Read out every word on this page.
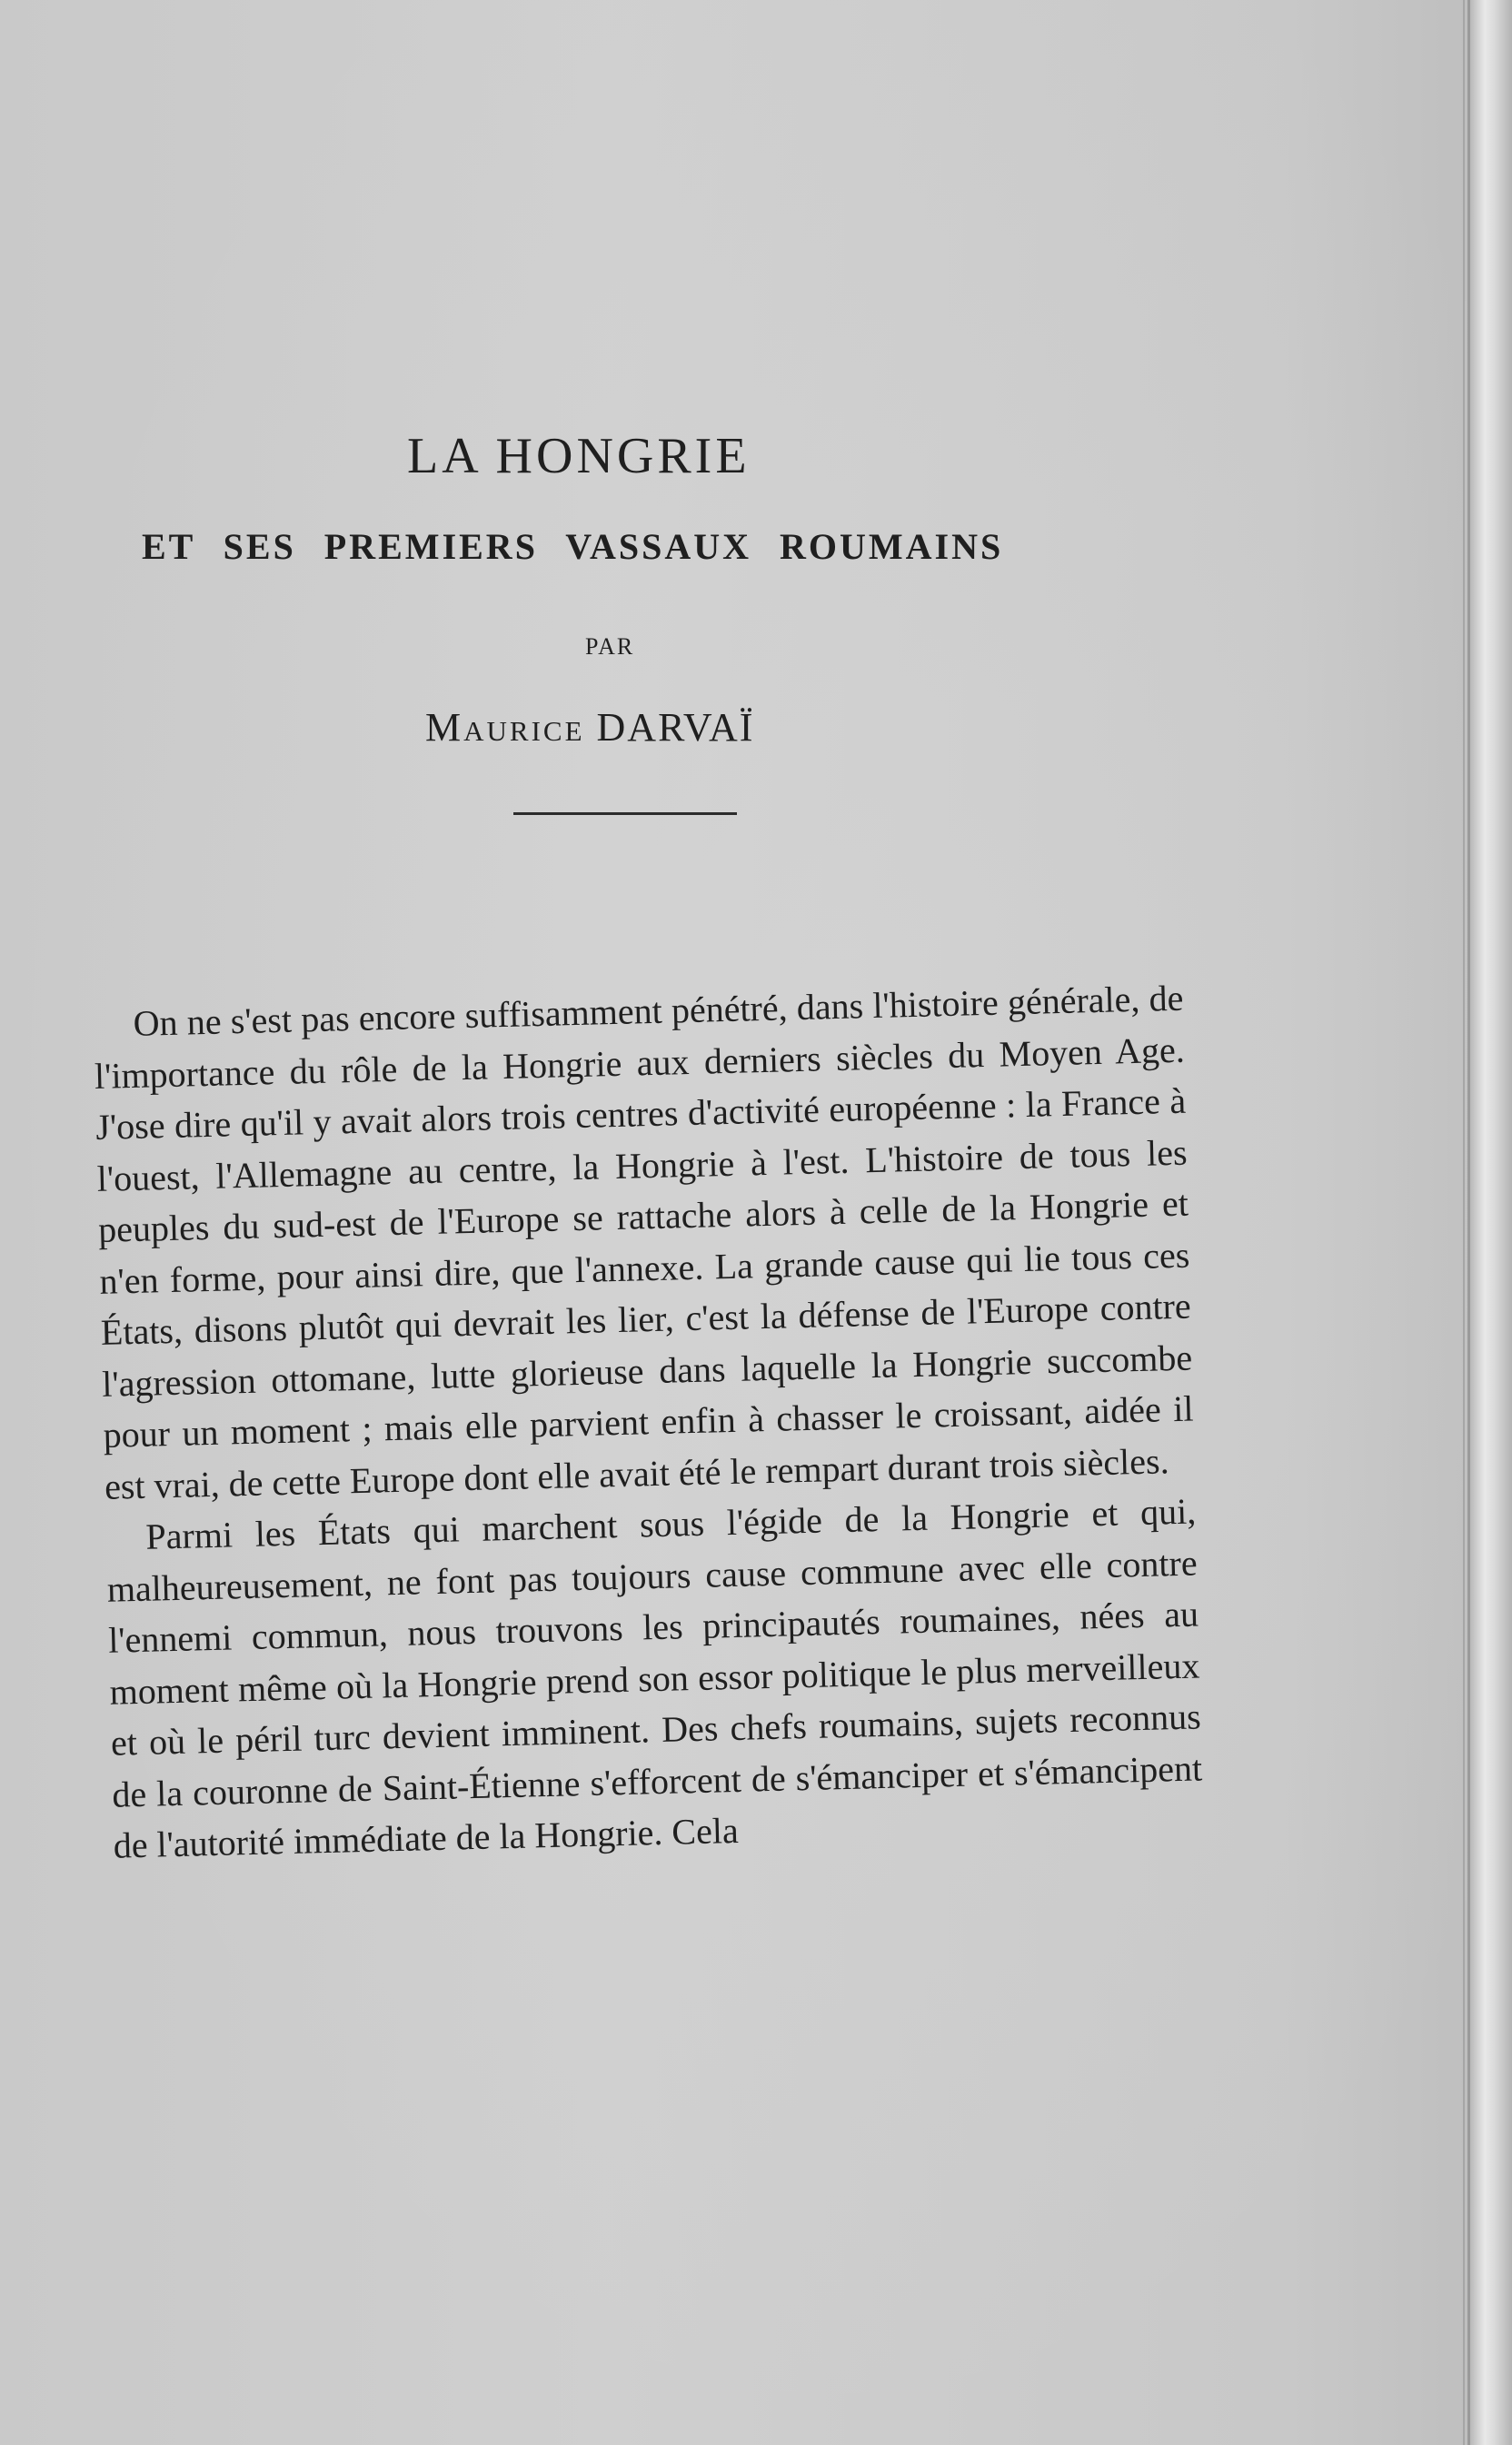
LA HONGRIE
ET SES PREMIERS VASSAUX ROUMAINS
PAR
Maurice DARVAÏ

On ne s'est pas encore suffisamment pénétré, dans l'histoire générale, de l'importance du rôle de la Hongrie aux derniers siècles du Moyen Age. J'ose dire qu'il y avait alors trois centres d'activité européenne : la France à l'ouest, l'Allemagne au centre, la Hongrie à l'est. L'histoire de tous les peuples du sud-est de l'Europe se rattache alors à celle de la Hongrie et n'en forme, pour ainsi dire, que l'annexe. La grande cause qui lie tous ces États, disons plutôt qui devrait les lier, c'est la défense de l'Europe contre l'agression ottomane, lutte glorieuse dans laquelle la Hongrie succombe pour un moment ; mais elle parvient enfin à chasser le croissant, aidée il est vrai, de cette Europe dont elle avait été le rempart durant trois siècles.

Parmi les États qui marchent sous l'égide de la Hongrie et qui, malheureusement, ne font pas toujours cause commune avec elle contre l'ennemi commun, nous trouvons les principautés roumaines, nées au moment même où la Hongrie prend son essor politique le plus merveilleux et où le péril turc devient imminent. Des chefs roumains, sujets reconnus de la couronne de Saint-Étienne s'efforcent de s'émanciper et s'émancipent de l'autorité immédiate de la Hongrie. Cela
